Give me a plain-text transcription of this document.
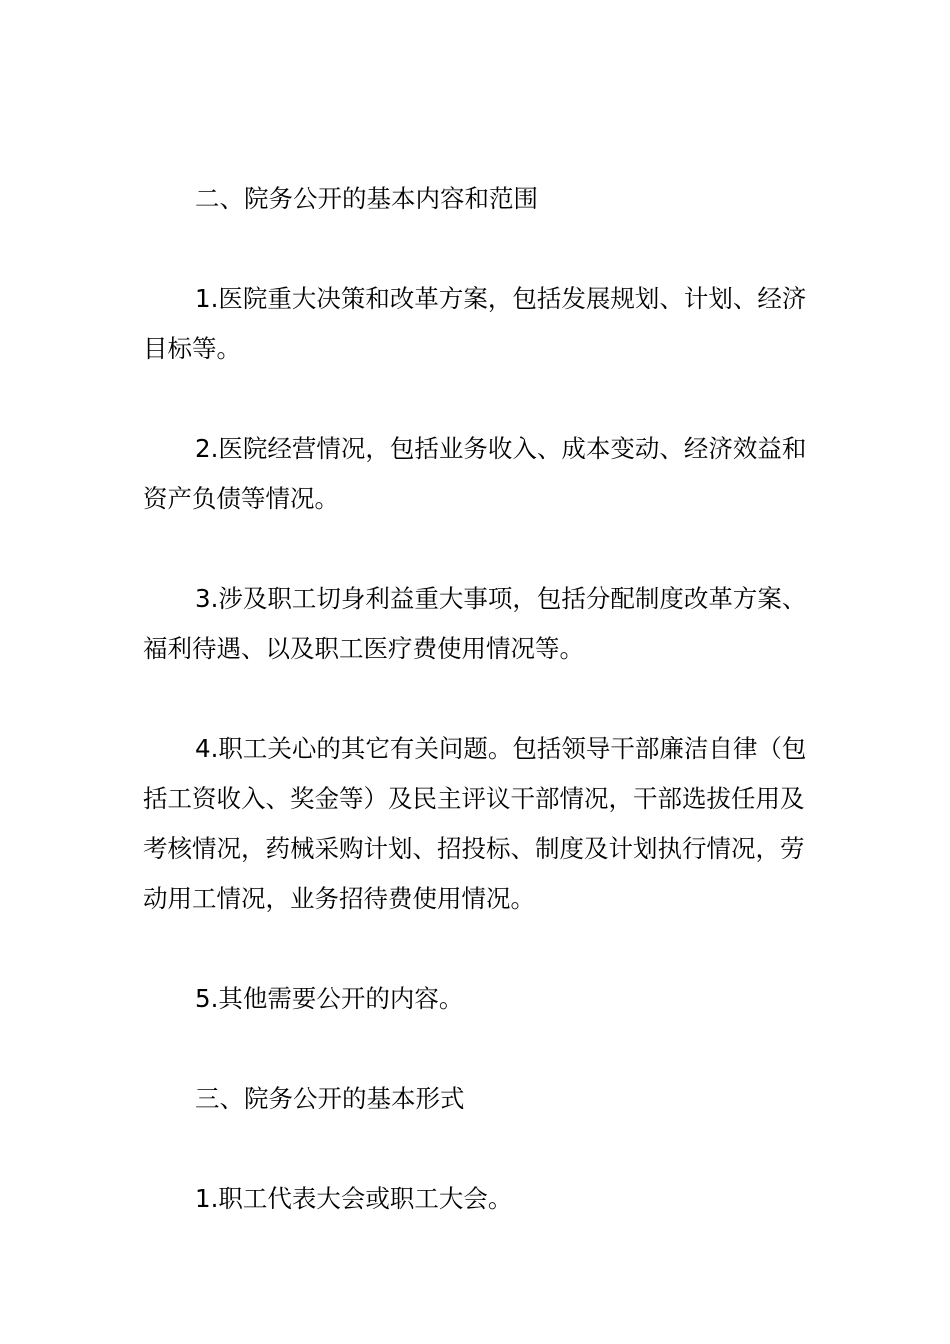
二、院务公开的基本内容和范围

1.医院重大决策和改革方案，包括发展规划、计划、经济目标等。

2.医院经营情况，包括业务收入、成本变动、经济效益和资产负债等情况。

3.涉及职工切身利益重大事项，包括分配制度改革方案、福利待遇、以及职工医疗费使用情况等。

4.职工关心的其它有关问题。包括领导干部廉洁自律（包括工资收入、奖金等）及民主评议干部情况，干部选拔任用及考核情况，药械采购计划、招投标、制度及计划执行情况，劳动用工情况，业务招待费使用情况。

5.其他需要公开的内容。

三、院务公开的基本形式

1.职工代表大会或职工大会。
